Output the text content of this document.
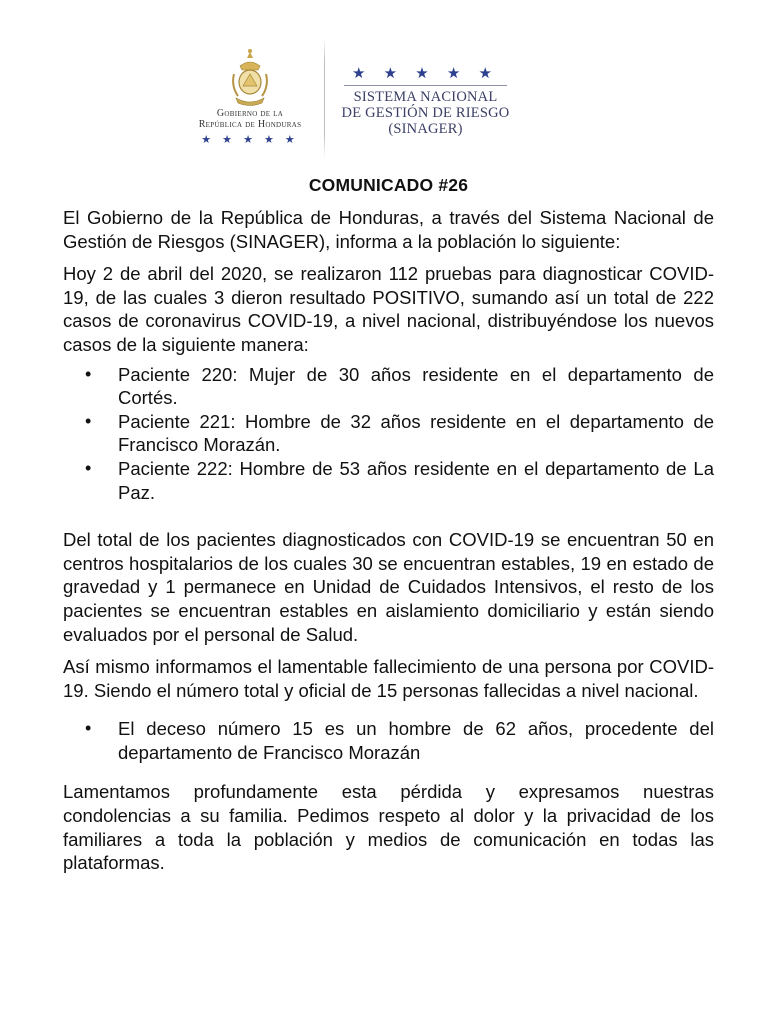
Gobierno de la
República de Honduras
★ ★ ★ ★ ★
★ ★ ★ ★ ★
SISTEMA NACIONAL
DE GESTIÓN DE RIESGO
(SINAGER)
COMUNICADO #26

El Gobierno de la República de Honduras, a través del Sistema Nacional de Gestión de Riesgos (SINAGER), informa a la población lo siguiente:

Hoy 2 de abril del 2020, se realizaron 112 pruebas para diagnosticar COVID-19, de las cuales 3 dieron resultado POSITIVO, sumando así un total de 222 casos de coronavirus COVID-19, a nivel nacional, distribuyéndose los nuevos casos de la siguiente manera:

• Paciente 220: Mujer de 30 años residente en el departamento de Cortés.
• Paciente 221: Hombre de 32 años residente en el departamento de Francisco Morazán.
• Paciente 222: Hombre de 53 años residente en el departamento de La Paz.

Del total de los pacientes diagnosticados con COVID-19 se encuentran 50 en centros hospitalarios de los cuales 30 se encuentran estables, 19 en estado de gravedad y 1 permanece en Unidad de Cuidados Intensivos, el resto de los pacientes se encuentran estables en aislamiento domiciliario y están siendo evaluados por el personal de Salud.

Así mismo informamos el lamentable fallecimiento de una persona por COVID-19. Siendo el número total y oficial de 15 personas fallecidas a nivel nacional.

• El deceso número 15 es un hombre de 62 años, procedente del departamento de Francisco Morazán

Lamentamos profundamente esta pérdida y expresamos nuestras condolencias a su familia. Pedimos respeto al dolor y la privacidad de los familiares a toda la población y medios de comunicación en todas las plataformas.
